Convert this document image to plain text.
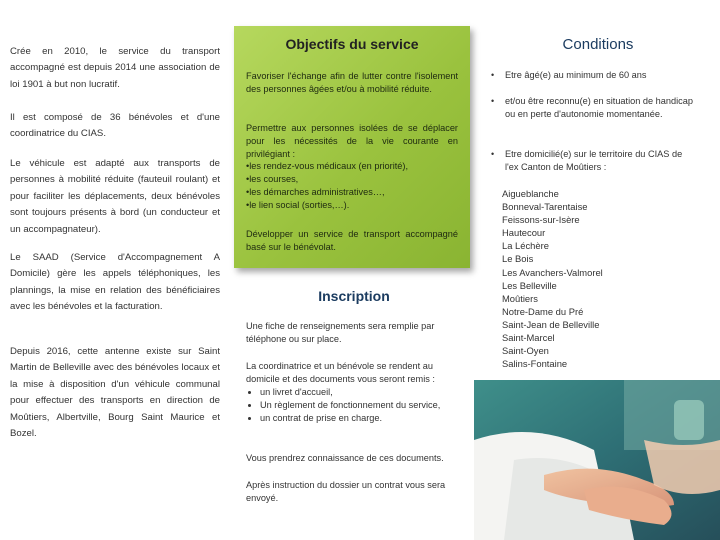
Crée en 2010, le service du transport accompagné est depuis 2014 une association de loi 1901 à but non lucratif.

Il est composé de 36 bénévoles et d'une coordinatrice du CIAS.

Le véhicule est adapté aux transports de personnes à mobilité réduite (fauteuil roulant) et pour faciliter les déplacements, deux bénévoles sont toujours présents à bord (un conducteur et un accompagnateur).

Le SAAD (Service d'Accompagnement A Domicile) gère les appels téléphoniques, les plannings, la mise en relation des bénéficiaires avec les bénévoles et la facturation.

Depuis 2016, cette antenne existe sur Saint Martin de Belleville avec des bénévoles locaux et la mise à disposition d'un véhicule communal pour effectuer des transports en direction de Moûtiers, Albertville, Bourg Saint Maurice et Bozel.

Objectifs du service

Favoriser l'échange afin de lutter contre l'isolement des personnes âgées et/ou à mobilité réduite.

Permettre aux personnes isolées de se déplacer pour les nécessités de la vie courante en privilégiant :
•les rendez-vous médicaux (en priorité),
•les courses,
•les démarches administratives…,
•le lien social (sorties,…).

Développer un service de transport accompagné basé sur le bénévolat.

Inscription
Une fiche de renseignements sera remplie par téléphone ou sur place.
La coordinatrice et un bénévole se rendent au domicile et des documents vous seront remis :
• un livret d'accueil,
• Un règlement de fonctionnement du service,
• un contrat de prise en charge.
Vous prendrez connaissance de ces documents.
Après instruction du dossier un contrat vous sera envoyé.
Conditions
• Etre âgé(e) au minimum de 60 ans
• et/ou être reconnu(e) en situation de handicap ou en perte d'autonomie momentanée.
• Etre domicilié(e) sur le territoire du CIAS de l'ex Canton de Moûtiers :
Aigueblanche
Bonneval-Tarentaise
Feissons-sur-Isère
Hautecour
La Léchère
Le Bois
Les Avanchers-Valmorel
Les Belleville
Moûtiers
Notre-Dame du Pré
Saint-Jean de Belleville
Saint-Marcel
Saint-Oyen
Salins-Fontaine
